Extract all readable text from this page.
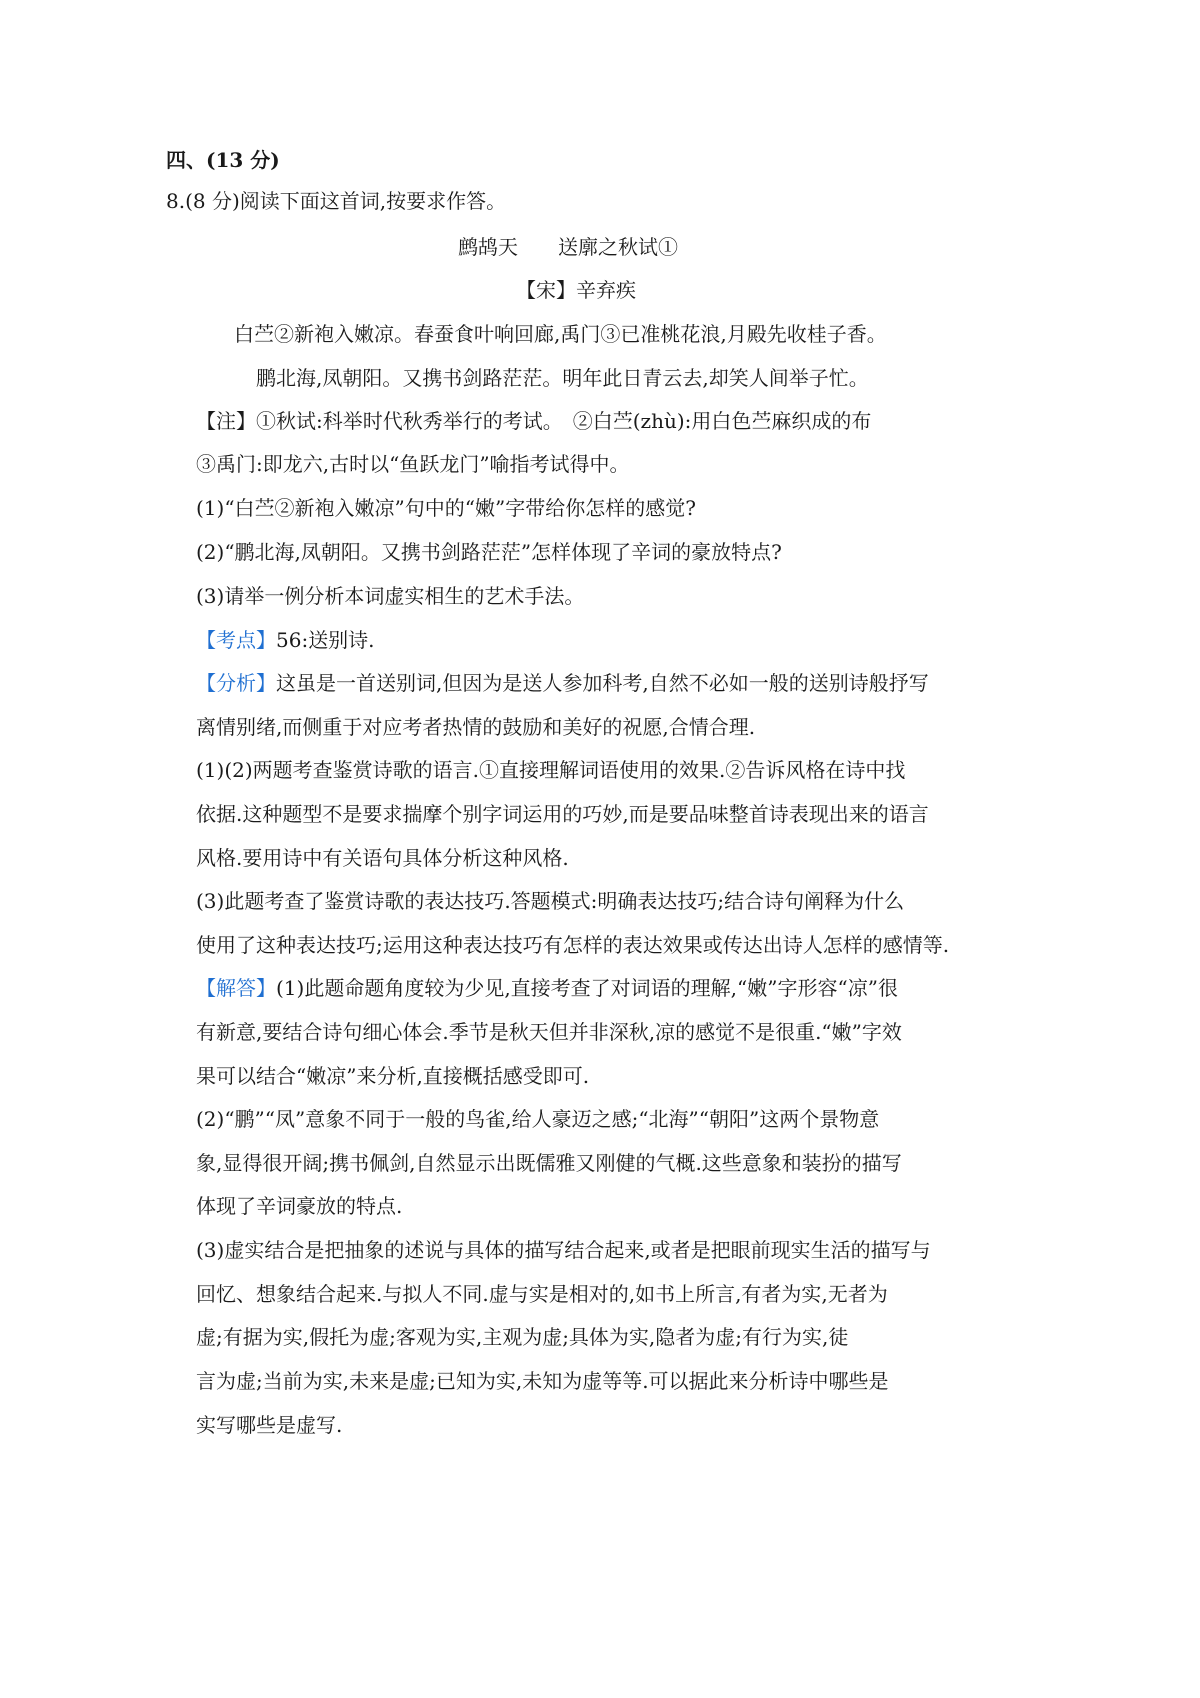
四、(13 分)
8.(8 分)阅读下面这首词,按要求作答。
鹧鸪天　　送廓之秋试①
【宋】辛弃疾
白苎②新袍入嫩凉。春蚕食叶响回廊,禹门③已准桃花浪,月殿先收桂子香。
鹏北海,凤朝阳。又携书剑路茫茫。明年此日青云去,却笑人间举子忙。
【注】①秋试:科举时代秋秀举行的考试。　②白苎(zhù):用白色苎麻织成的布
③禹门:即龙六,古时以“鱼跃龙门”喻指考试得中。
(1)“白苎②新袍入嫩凉”句中的“嫩”字带给你怎样的感觉?
(2)“鹏北海,凤朝阳。又携书剑路茫茫”怎样体现了辛词的豪放特点?
(3)请举一例分析本词虚实相生的艺术手法。
【考点】56:送别诗.
【分析】这虽是一首送别词,但因为是送人参加科考,自然不必如一般的送别诗般抒写
离情别绪,而侧重于对应考者热情的鼓励和美好的祝愿,合情合理.
(1)(2)两题考查鉴赏诗歌的语言.①直接理解词语使用的效果.②告诉风格在诗中找
依据.这种题型不是要求揣摩个别字词运用的巧妙,而是要品味整首诗表现出来的语言
风格.要用诗中有关语句具体分析这种风格.
(3)此题考查了鉴赏诗歌的表达技巧.答题模式:明确表达技巧;结合诗句阐释为什么
使用了这种表达技巧;运用这种表达技巧有怎样的表达效果或传达出诗人怎样的感情等.
【解答】(1)此题命题角度较为少见,直接考查了对词语的理解,“嫩”字形容“凉”很
有新意,要结合诗句细心体会.季节是秋天但并非深秋,凉的感觉不是很重.“嫩”字效
果可以结合“嫩凉”来分析,直接概括感受即可.
(2)“鹏”“凤”意象不同于一般的鸟雀,给人豪迈之感;“北海”“朝阳”这两个景物意
象,显得很开阔;携书佩剑,自然显示出既儒雅又刚健的气概.这些意象和装扮的描写
体现了辛词豪放的特点.
(3)虚实结合是把抽象的述说与具体的描写结合起来,或者是把眼前现实生活的描写与
回忆、想象结合起来.与拟人不同.虚与实是相对的,如书上所言,有者为实,无者为
虚;有据为实,假托为虚;客观为实,主观为虚;具体为实,隐者为虚;有行为实,徒
言为虚;当前为实,未来是虚;已知为实,未知为虚等等.可以据此来分析诗中哪些是
实写哪些是虚写.
